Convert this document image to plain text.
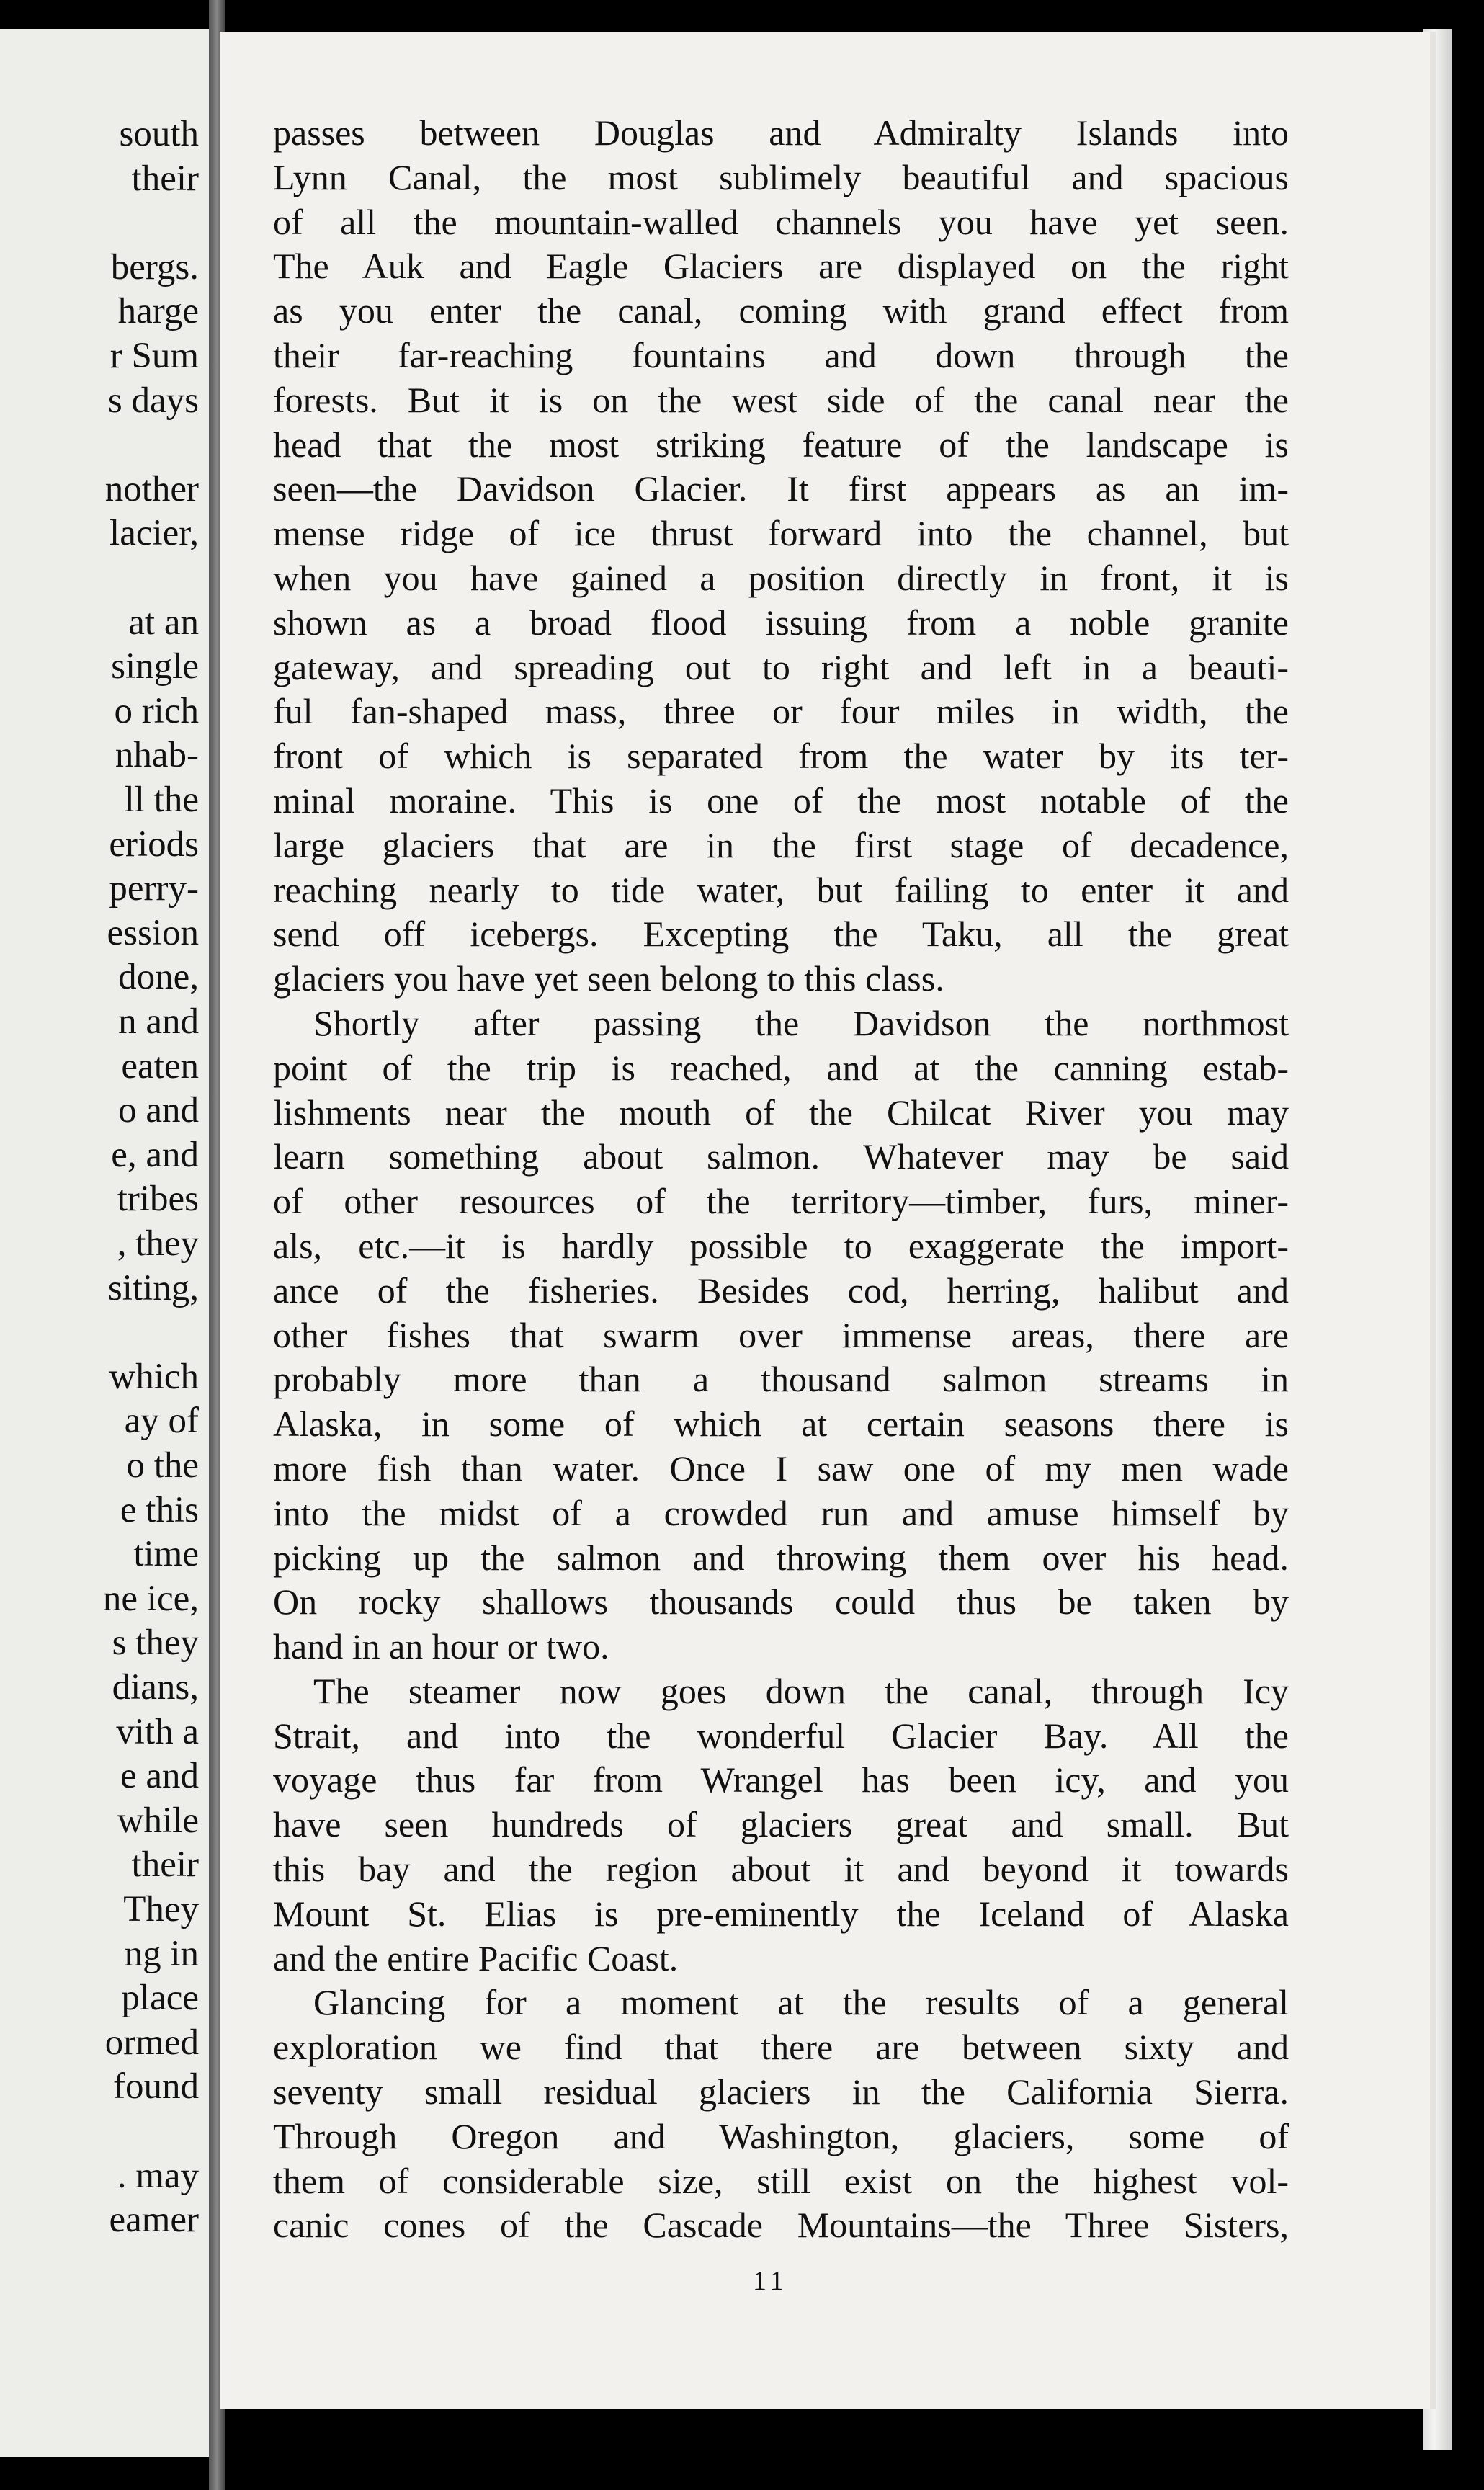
south
their
bergs.
harge
r Sum
s days
nother
lacier,
at an
single
o rich
nhab-
ll the
eriods
perry-
ession
done,
n and
eaten
o and
e, and
tribes
, they
siting,
which
ay of
o the
e this
time
ne ice,
s they
dians,
vith a
e and
while
their
They
ng in
place
ormed
found
. may
eamer
passes between Douglas and Admiralty Islands into
Lynn Canal, the most sublimely beautiful and spacious
of all the mountain-walled channels you have yet seen.
The Auk and Eagle Glaciers are displayed on the right
as you enter the canal, coming with grand effect from
their far-reaching fountains and down through the
forests. But it is on the west side of the canal near the
head that the most striking feature of the landscape is
seen—the Davidson Glacier. It first appears as an im-
mense ridge of ice thrust forward into the channel, but
when you have gained a position directly in front, it is
shown as a broad flood issuing from a noble granite
gateway, and spreading out to right and left in a beauti-
ful fan-shaped mass, three or four miles in width, the
front of which is separated from the water by its ter-
minal moraine. This is one of the most notable of the
large glaciers that are in the first stage of decadence,
reaching nearly to tide water, but failing to enter it and
send off icebergs. Excepting the Taku, all the great
glaciers you have yet seen belong to this class.
Shortly after passing the Davidson the northmost
point of the trip is reached, and at the canning estab-
lishments near the mouth of the Chilcat River you may
learn something about salmon. Whatever may be said
of other resources of the territory—timber, furs, miner-
als, etc.—it is hardly possible to exaggerate the import-
ance of the fisheries. Besides cod, herring, halibut and
other fishes that swarm over immense areas, there are
probably more than a thousand salmon streams in
Alaska, in some of which at certain seasons there is
more fish than water. Once I saw one of my men wade
into the midst of a crowded run and amuse himself by
picking up the salmon and throwing them over his head.
On rocky shallows thousands could thus be taken by
hand in an hour or two.
The steamer now goes down the canal, through Icy
Strait, and into the wonderful Glacier Bay. All the
voyage thus far from Wrangel has been icy, and you
have seen hundreds of glaciers great and small. But
this bay and the region about it and beyond it towards
Mount St. Elias is pre-eminently the Iceland of Alaska
and the entire Pacific Coast.
Glancing for a moment at the results of a general
exploration we find that there are between sixty and
seventy small residual glaciers in the California Sierra.
Through Oregon and Washington, glaciers, some of
them of considerable size, still exist on the highest vol-
canic cones of the Cascade Mountains—the Three Sisters,
11
